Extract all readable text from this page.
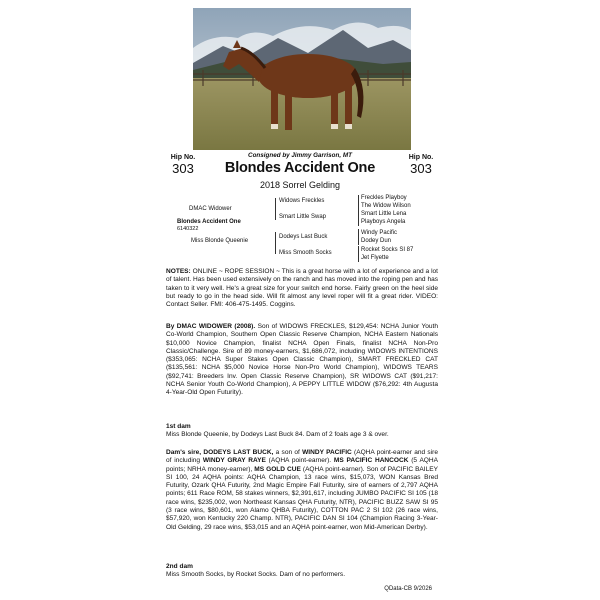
Consigned by Jimmy Garrison, MT
Hip No.
303
Hip No.
303
Blondes Accident One
2018 Sorrel Gelding
DMAC Widower
Blondes Accident One
6140322
Miss Blonde Queenie
Widows Freckles
Smart Little Swap
Dodeys Last Buck
Miss Smooth Socks
Freckles Playboy
The Widow Wilson
Smart Little Lena
Playboys Angela
Windy Pacific
Dodey Dun
Rocket Socks SI 87
Jet Flyette
NOTES: ONLINE ~ ROPE SESSION ~ This is a great horse with a lot of experience and a lot of talent. Has been used extensively on the ranch and has moved into the roping pen and has taken to it very well. He's a great size for your switch end horse. Fairly green on the heel side but ready to go in the head side. Will fit almost any level roper will fit a great rider. VIDEO: Contact Seller. FMI: 406-475-1495. Coggins.
By DMAC WIDOWER (2008). Son of WIDOWS FRECKLES, $129,454: NCHA Junior Youth Co-World Champion, Southern Open Classic Reserve Champion, NCHA Eastern Nationals $10,000 Novice Champion, finalist NCHA Open Finals, finalist NCHA Non-Pro Classic/Challenge. Sire of 89 money-earners, $1,686,072, including WIDOWS INTENTIONS ($353,065: NCHA Super Stakes Open Classic Champion), SMART FRECKLED CAT ($135,561: NCHA $5,000 Novice Horse Non-Pro World Champion), WIDOWS TEARS ($92,741: Breeders Inv. Open Classic Reserve Champion), SR WIDOWS CAT ($91,217: NCHA Senior Youth Co-World Champion), A PEPPY LITTLE WIDOW ($76,292: 4th Augusta 4-Year-Old Open Futurity).
1st dam
Miss Blonde Queenie, by Dodeys Last Buck 84. Dam of 2 foals age 3 & over.
Dam's sire, DODEYS LAST BUCK, a son of WINDY PACIFIC (AQHA point-earner and sire of including WINDY GRAY RAYE (AQHA point-earner). MS PACIFIC HANCOCK (5 AQHA points; NRHA money-earner), MS GOLD CUE (AQHA point-earner). Son of PACIFIC BAILEY SI 100, 24 AQHA points: AQHA Champion, 13 race wins, $15,073, WON Kansas Bred Futurity, Ozark QHA Futurity, 2nd Magic Empire Fall Futurity, sire of earners of 2,797 AQHA points; 611 Race ROM, 58 stakes winners, $2,391,617, including JUMBO PACIFIC SI 105 (18 race wins, $235,002, won Northeast Kansas QHA Futurity, NTR), PACIFIC BUZZ SAW SI 95 (3 race wins, $80,601, won Alamo QHBA Futurity), COTTON PAC 2 SI 102 (26 race wins, $57,920, won Kentucky 220 Champ. NTR), PACIFIC DAN SI 104 (Champion Racing 3-Year-Old Gelding, 29 race wins, $53,015 and an AQHA point-earner, won Mid-American Derby).
2nd dam
Miss Smooth Socks, by Rocket Socks. Dam of no performers.
QData-CB 9/2026
